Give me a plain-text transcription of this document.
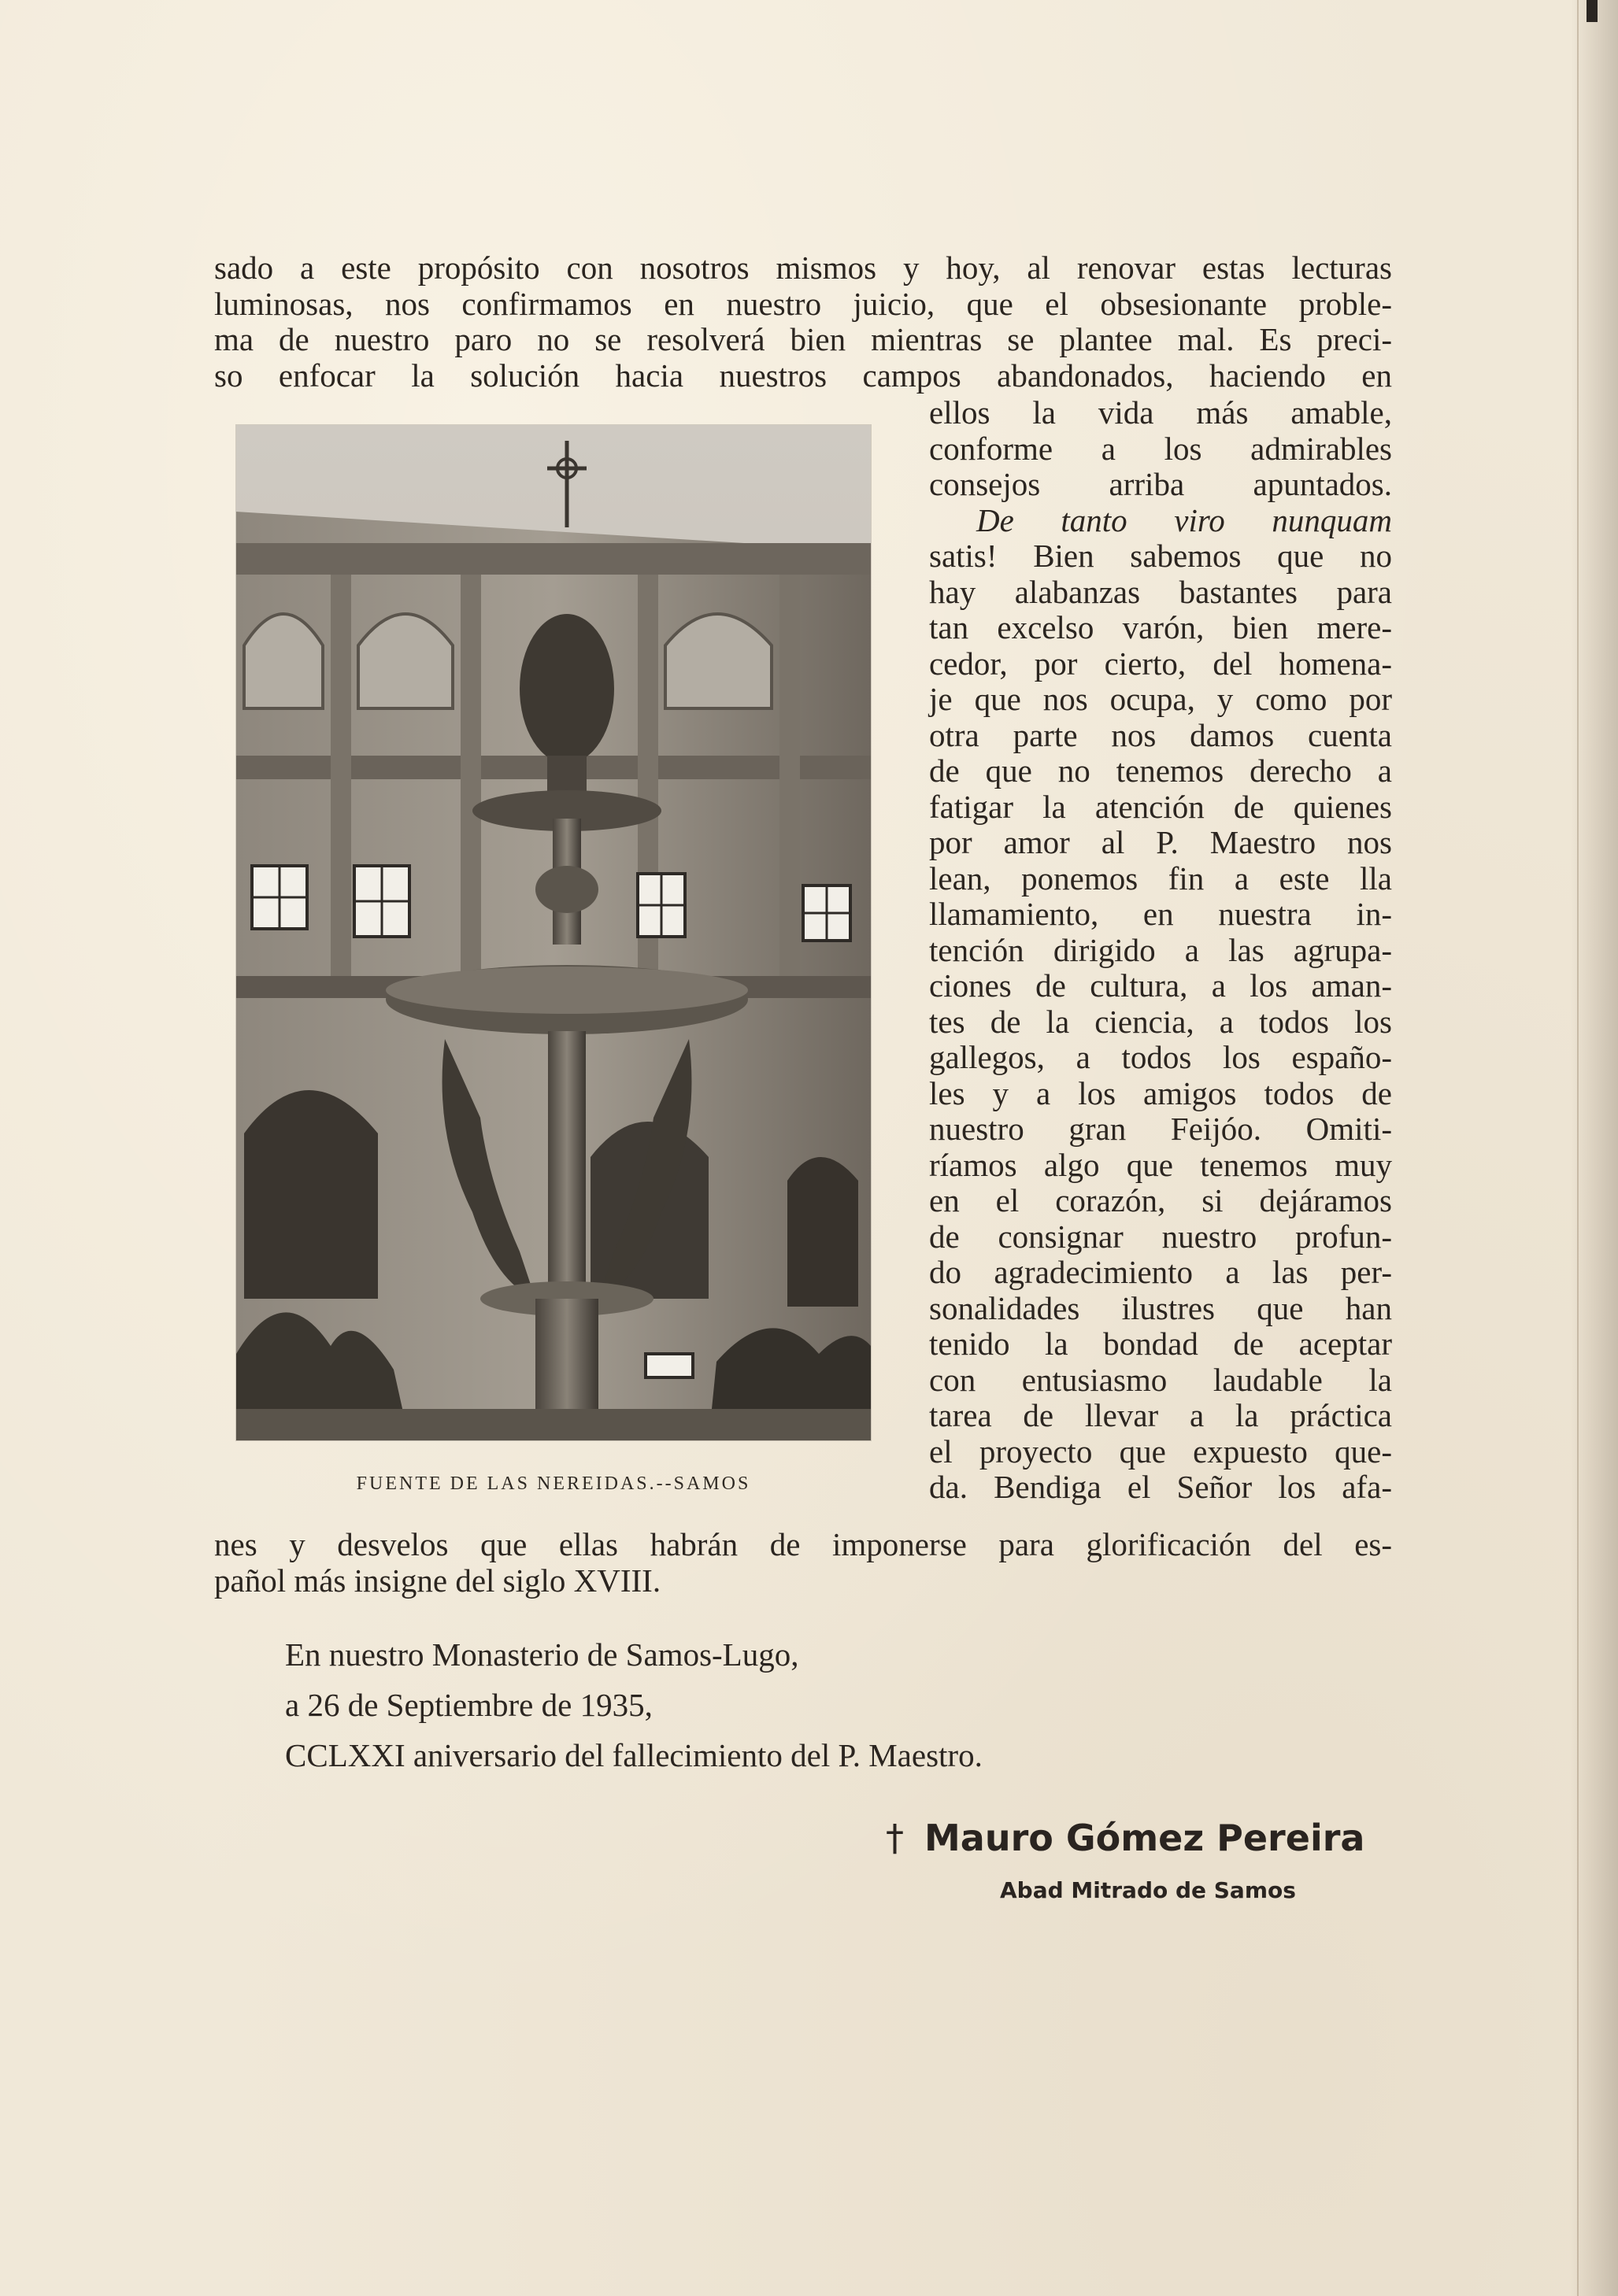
sado a este propósito con nosotros mismos y hoy, al renovar estas lecturas
luminosas, nos confirmamos en nuestro juicio, que el obsesionante proble-
ma de nuestro paro no se resolverá bien mientras se plantee mal. Es preci-
so enfocar la solución hacia nuestros campos abandonados, haciendo en
FUENTE DE LAS NEREIDAS.--SAMOS
ellos la vida más amable,
conforme a los admirables
consejos arriba apuntados.
De tanto viro nunquam
satis! Bien sabemos que no
hay alabanzas bastantes para
tan excelso varón, bien mere-
cedor, por cierto, del homena-
je que nos ocupa, y como por
otra parte nos damos cuenta
de que no tenemos derecho a
fatigar la atención de quienes
por amor al P. Maestro nos
lean, ponemos fin a este lla
llamamiento, en nuestra in-
tención dirigido a las agrupa-
ciones de cultura, a los aman-
tes de la ciencia, a todos los
gallegos, a todos los españo-
les y a los amigos todos de
nuestro gran Feijóo. Omiti-
ríamos algo que tenemos muy
en el corazón, si dejáramos
de consignar nuestro profun-
do agradecimiento a las per-
sonalidades ilustres que han
tenido la bondad de aceptar
con entusiasmo laudable la
tarea de llevar a la práctica
el proyecto que expuesto que-
da. Bendiga el Señor los afa-
nes y desvelos que ellas habrán de imponerse para glorificación del es-
pañol más insigne del siglo XVIII.
En nuestro Monasterio de Samos-Lugo,
a 26 de Septiembre de 1935,
CCLXXI aniversario del fallecimiento del P. Maestro.
† Mauro Gómez Pereira
Abad Mitrado de Samos
